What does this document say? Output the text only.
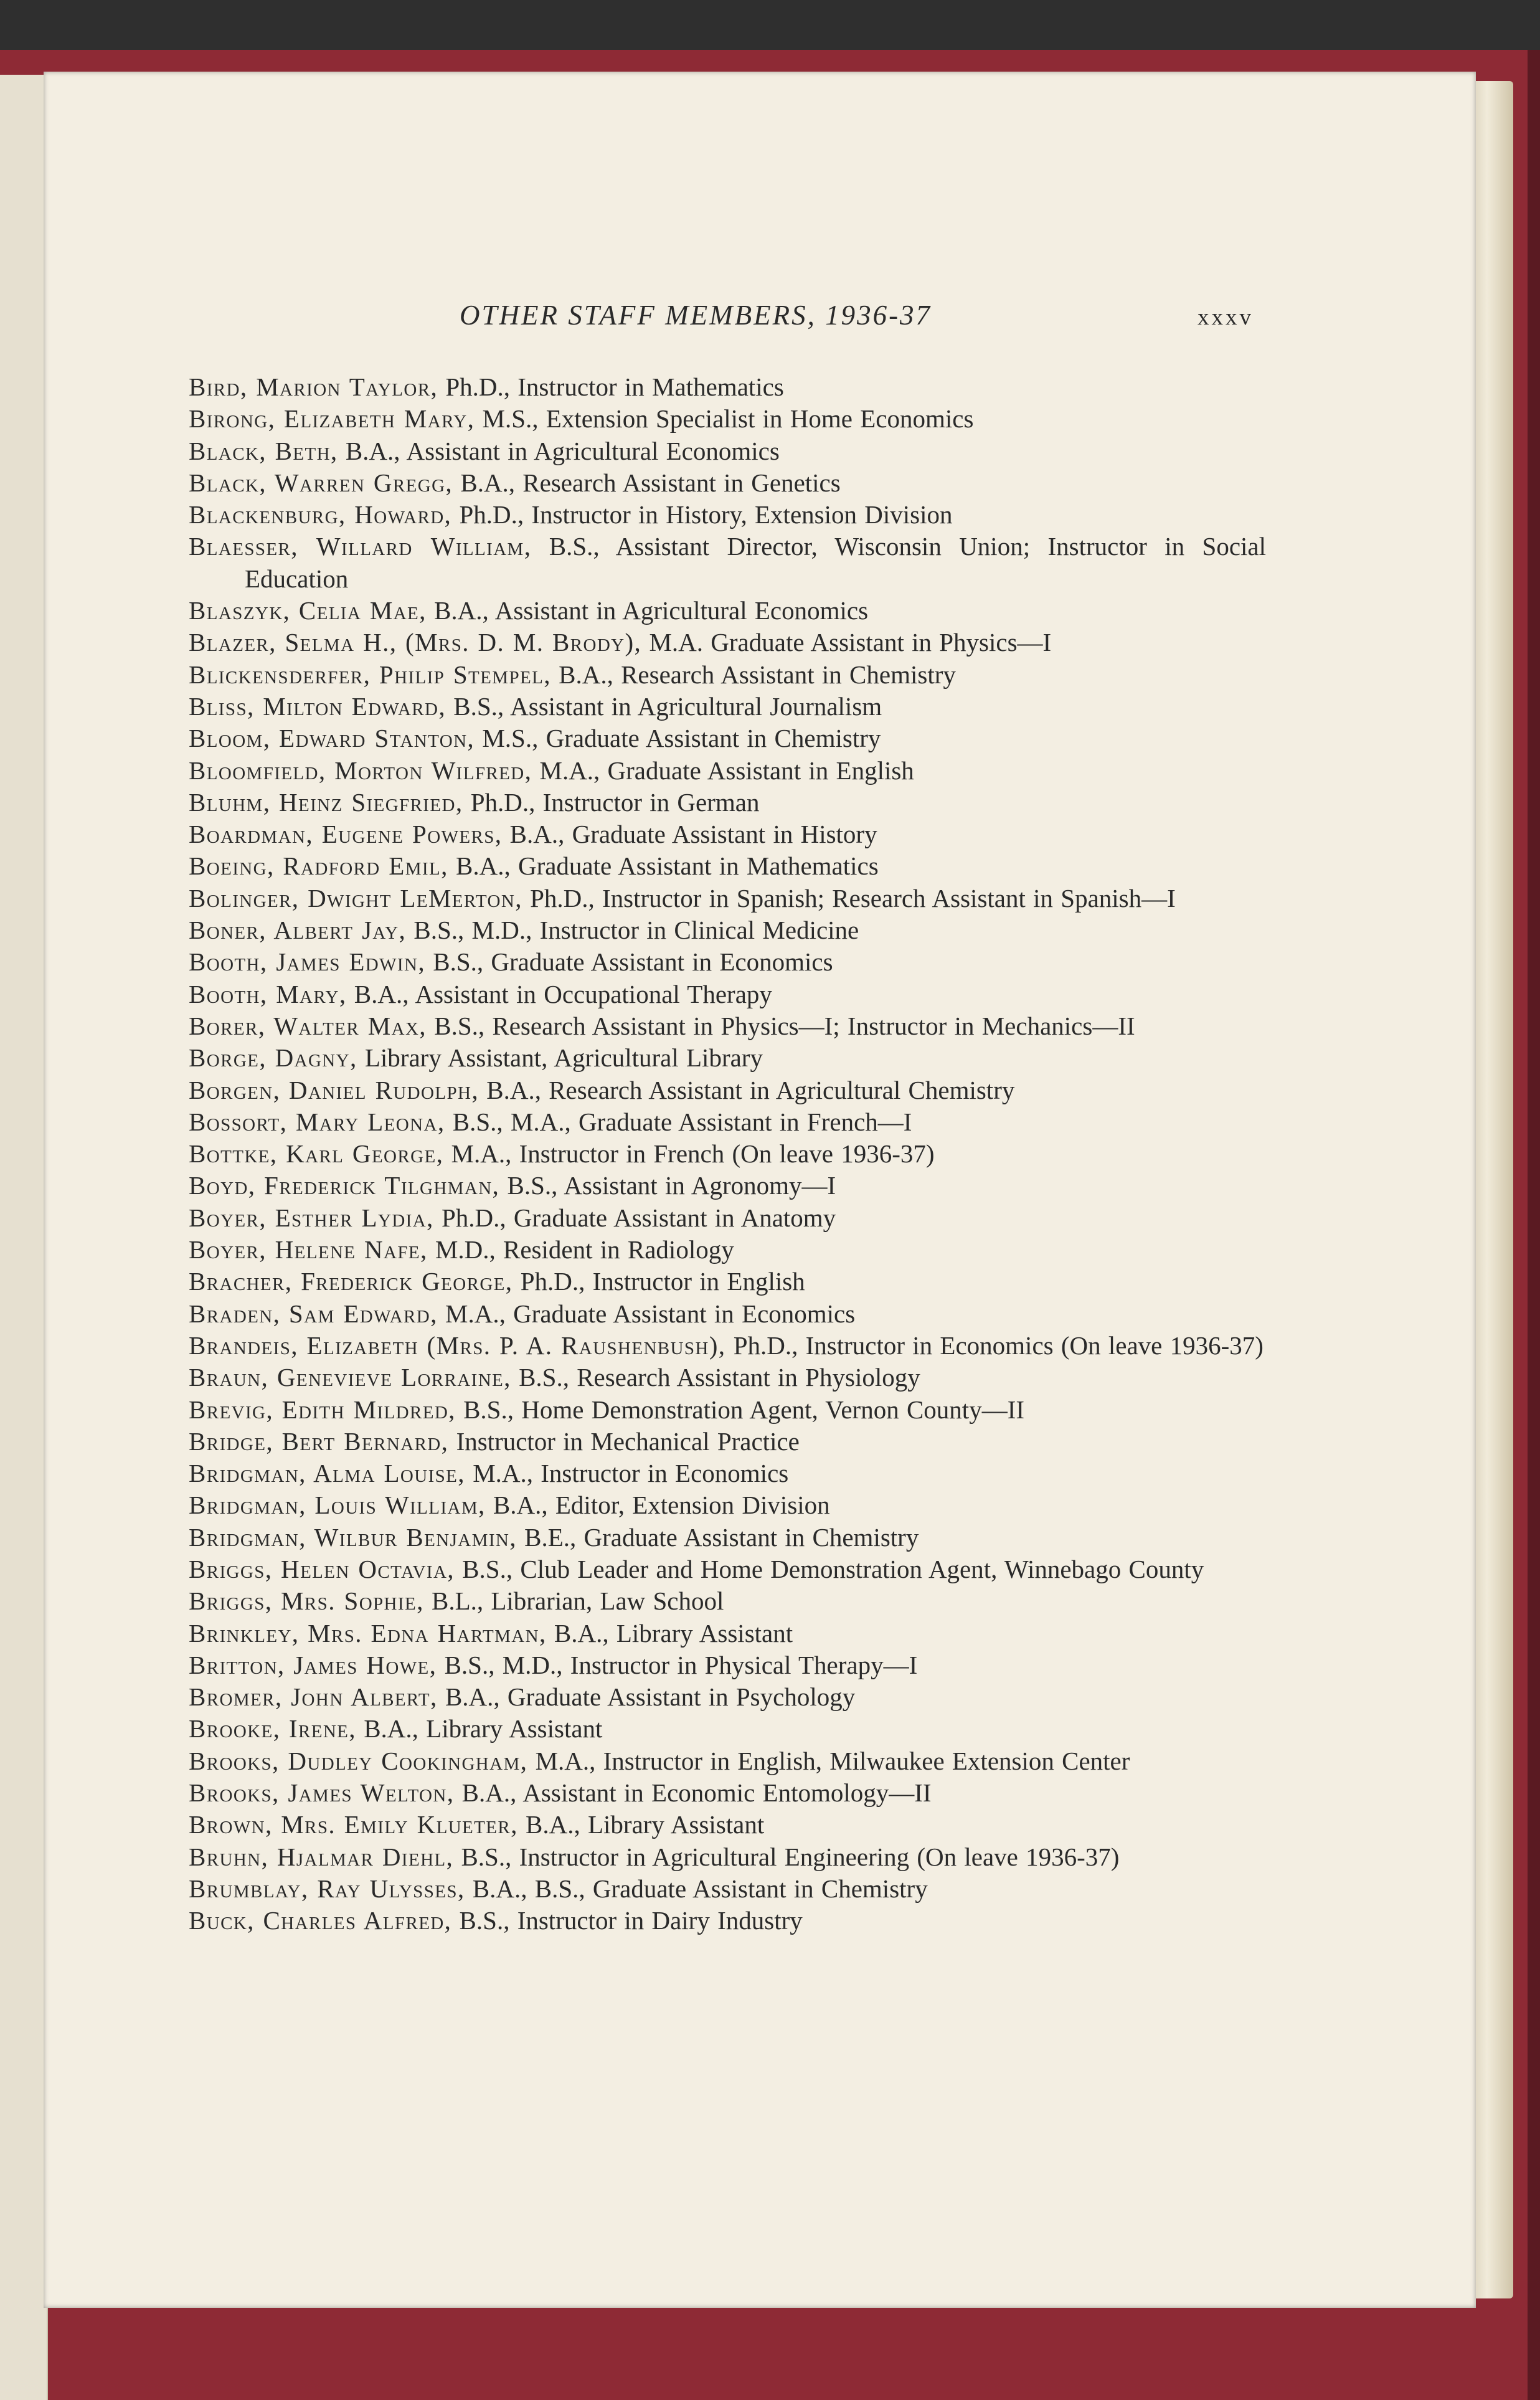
OTHER STAFF MEMBERS, 1936-37	xxxv
Bird, Marion Taylor, Ph.D., Instructor in Mathematics
Birong, Elizabeth Mary, M.S., Extension Specialist in Home Economics
Black, Beth, B.A., Assistant in Agricultural Economics
Black, Warren Gregg, B.A., Research Assistant in Genetics
Blackenburg, Howard, Ph.D., Instructor in History, Extension Division
Blaesser, Willard William, B.S., Assistant Director, Wisconsin Union; Instructor in Social Education
Blaszyk, Celia Mae, B.A., Assistant in Agricultural Economics
Blazer, Selma H., (Mrs. D. M. Brody), M.A. Graduate Assistant in Physics—I
Blickensderfer, Philip Stempel, B.A., Research Assistant in Chemistry
Bliss, Milton Edward, B.S., Assistant in Agricultural Journalism
Bloom, Edward Stanton, M.S., Graduate Assistant in Chemistry
Bloomfield, Morton Wilfred, M.A., Graduate Assistant in English
Bluhm, Heinz Siegfried, Ph.D., Instructor in German
Boardman, Eugene Powers, B.A., Graduate Assistant in History
Boeing, Radford Emil, B.A., Graduate Assistant in Mathematics
Bolinger, Dwight LeMerton, Ph.D., Instructor in Spanish; Research Assistant in Spanish—I
Boner, Albert Jay, B.S., M.D., Instructor in Clinical Medicine
Booth, James Edwin, B.S., Graduate Assistant in Economics
Booth, Mary, B.A., Assistant in Occupational Therapy
Borer, Walter Max, B.S., Research Assistant in Physics—I; Instructor in Mechanics—II
Borge, Dagny, Library Assistant, Agricultural Library
Borgen, Daniel Rudolph, B.A., Research Assistant in Agricultural Chemistry
Bossort, Mary Leona, B.S., M.A., Graduate Assistant in French—I
Bottke, Karl George, M.A., Instructor in French (On leave 1936-37)
Boyd, Frederick Tilghman, B.S., Assistant in Agronomy—I
Boyer, Esther Lydia, Ph.D., Graduate Assistant in Anatomy
Boyer, Helene Nafe, M.D., Resident in Radiology
Bracher, Frederick George, Ph.D., Instructor in English
Braden, Sam Edward, M.A., Graduate Assistant in Economics
Brandeis, Elizabeth (Mrs. P. A. Raushenbush), Ph.D., Instructor in Economics (On leave 1936-37)
Braun, Genevieve Lorraine, B.S., Research Assistant in Physiology
Brevig, Edith Mildred, B.S., Home Demonstration Agent, Vernon County—II
Bridge, Bert Bernard, Instructor in Mechanical Practice
Bridgman, Alma Louise, M.A., Instructor in Economics
Bridgman, Louis William, B.A., Editor, Extension Division
Bridgman, Wilbur Benjamin, B.E., Graduate Assistant in Chemistry
Briggs, Helen Octavia, B.S., Club Leader and Home Demonstration Agent, Winnebago County
Briggs, Mrs. Sophie, B.L., Librarian, Law School
Brinkley, Mrs. Edna Hartman, B.A., Library Assistant
Britton, James Howe, B.S., M.D., Instructor in Physical Therapy—I
Bromer, John Albert, B.A., Graduate Assistant in Psychology
Brooke, Irene, B.A., Library Assistant
Brooks, Dudley Cookingham, M.A., Instructor in English, Milwaukee Extension Center
Brooks, James Welton, B.A., Assistant in Economic Entomology—II
Brown, Mrs. Emily Klueter, B.A., Library Assistant
Bruhn, Hjalmar Diehl, B.S., Instructor in Agricultural Engineering (On leave 1936-37)
Brumblay, Ray Ulysses, B.A., B.S., Graduate Assistant in Chemistry
Buck, Charles Alfred, B.S., Instructor in Dairy Industry
